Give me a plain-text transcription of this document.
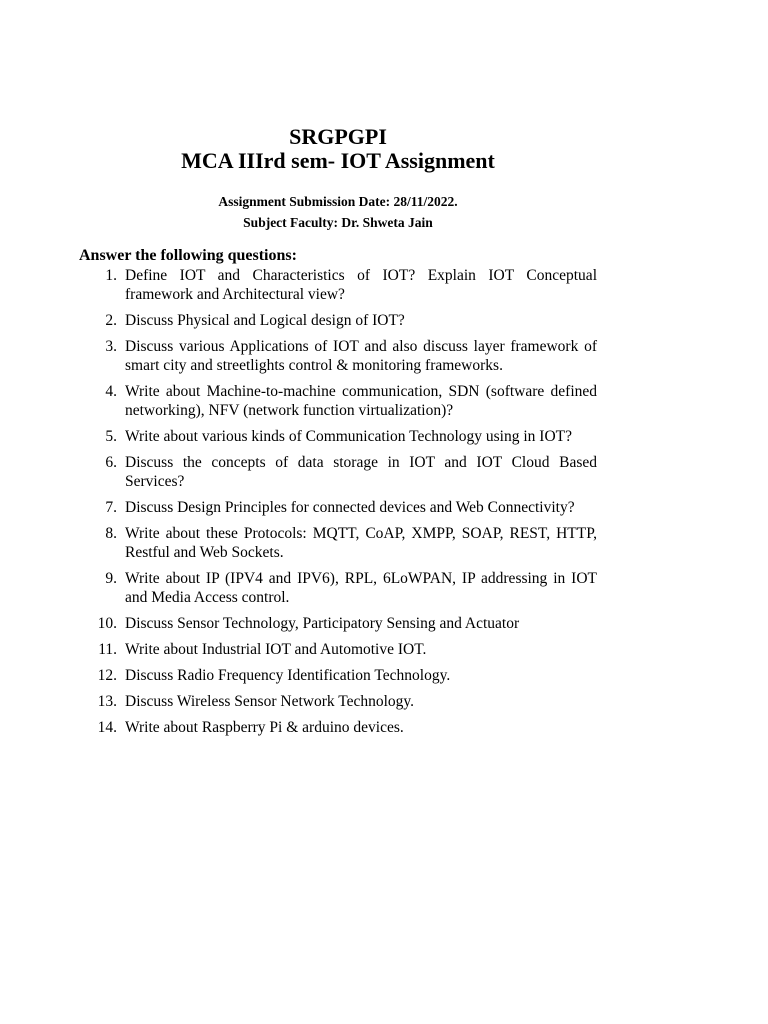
SRGPGPI
MCA IIIrd sem- IOT Assignment
Assignment Submission Date: 28/11/2022.
Subject Faculty: Dr. Shweta Jain
Answer the following questions:
1. Define IOT and Characteristics of IOT? Explain IOT Conceptual framework and Architectural view?
2. Discuss Physical and Logical design of IOT?
3. Discuss various Applications of IOT and also discuss layer framework of smart city and streetlights control & monitoring frameworks.
4. Write about Machine-to-machine communication, SDN (software defined networking), NFV (network function virtualization)?
5. Write about various kinds of Communication Technology using in IOT?
6. Discuss the concepts of data storage in IOT and IOT Cloud Based Services?
7. Discuss Design Principles for connected devices and Web Connectivity?
8. Write about these Protocols: MQTT, CoAP, XMPP, SOAP, REST, HTTP, Restful and Web Sockets.
9. Write about IP (IPV4 and IPV6), RPL, 6LoWPAN, IP addressing in IOT and Media Access control.
10. Discuss Sensor Technology, Participatory Sensing and Actuator
11. Write about Industrial IOT and Automotive IOT.
12. Discuss Radio Frequency Identification Technology.
13. Discuss Wireless Sensor Network Technology.
14. Write about Raspberry Pi & arduino devices.
